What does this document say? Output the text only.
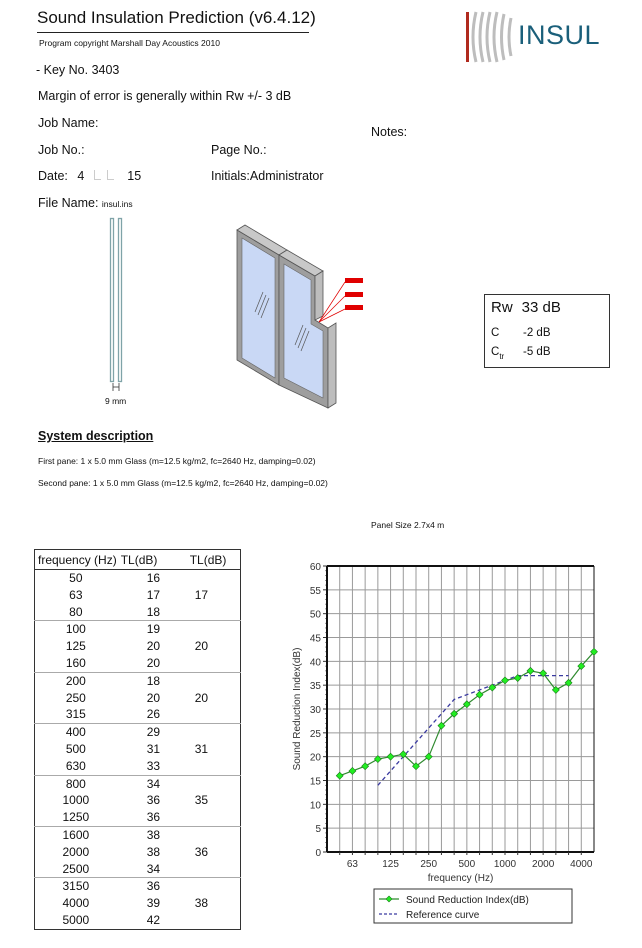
Sound Insulation Prediction (v6.4.12)
Program copyright Marshall Day Acoustics 2010	INSUL
- Key No. 3403
Margin of error is generally within Rw +/- 3 dB
Job Name:
Notes:
Job No.:	Page No.:
Date: 4	15	Initials:Administrator
File Name: insul.ins
9 mm
Rw 33 dB
C -2 dB
$C_{tr}$ -5 dB
System description
First pane: 1 x 5.0 mm Glass (m=12.5 kg/m2, fc=2640 Hz, damping=0.02)
Second pane: 1 x 5.0 mm Glass (m=12.5 kg/m2, fc=2640 Hz, damping=0.02)
Panel Size 2.7x4 m
frequency (Hz)	TL(dB)	TL(dB)
50	16	
63	17	17
80	18	
100	19	
125	20	20
160	20	
200	18	
250	20	20
315	26	
400	29	
500	31	31
630	33	
800	34	
1000	36	35
1250	36	
1600	38	
2000	38	36
2500	34	
3150	36	
4000	39	38
5000	42	
0
5
10
15
20
25
30
35
40
45
50
55
60
63 125 250 500 1000 2000 4000
frequency (Hz)
Sound Reduction Index(dB)
Sound Reduction Index(dB)
Reference curve
